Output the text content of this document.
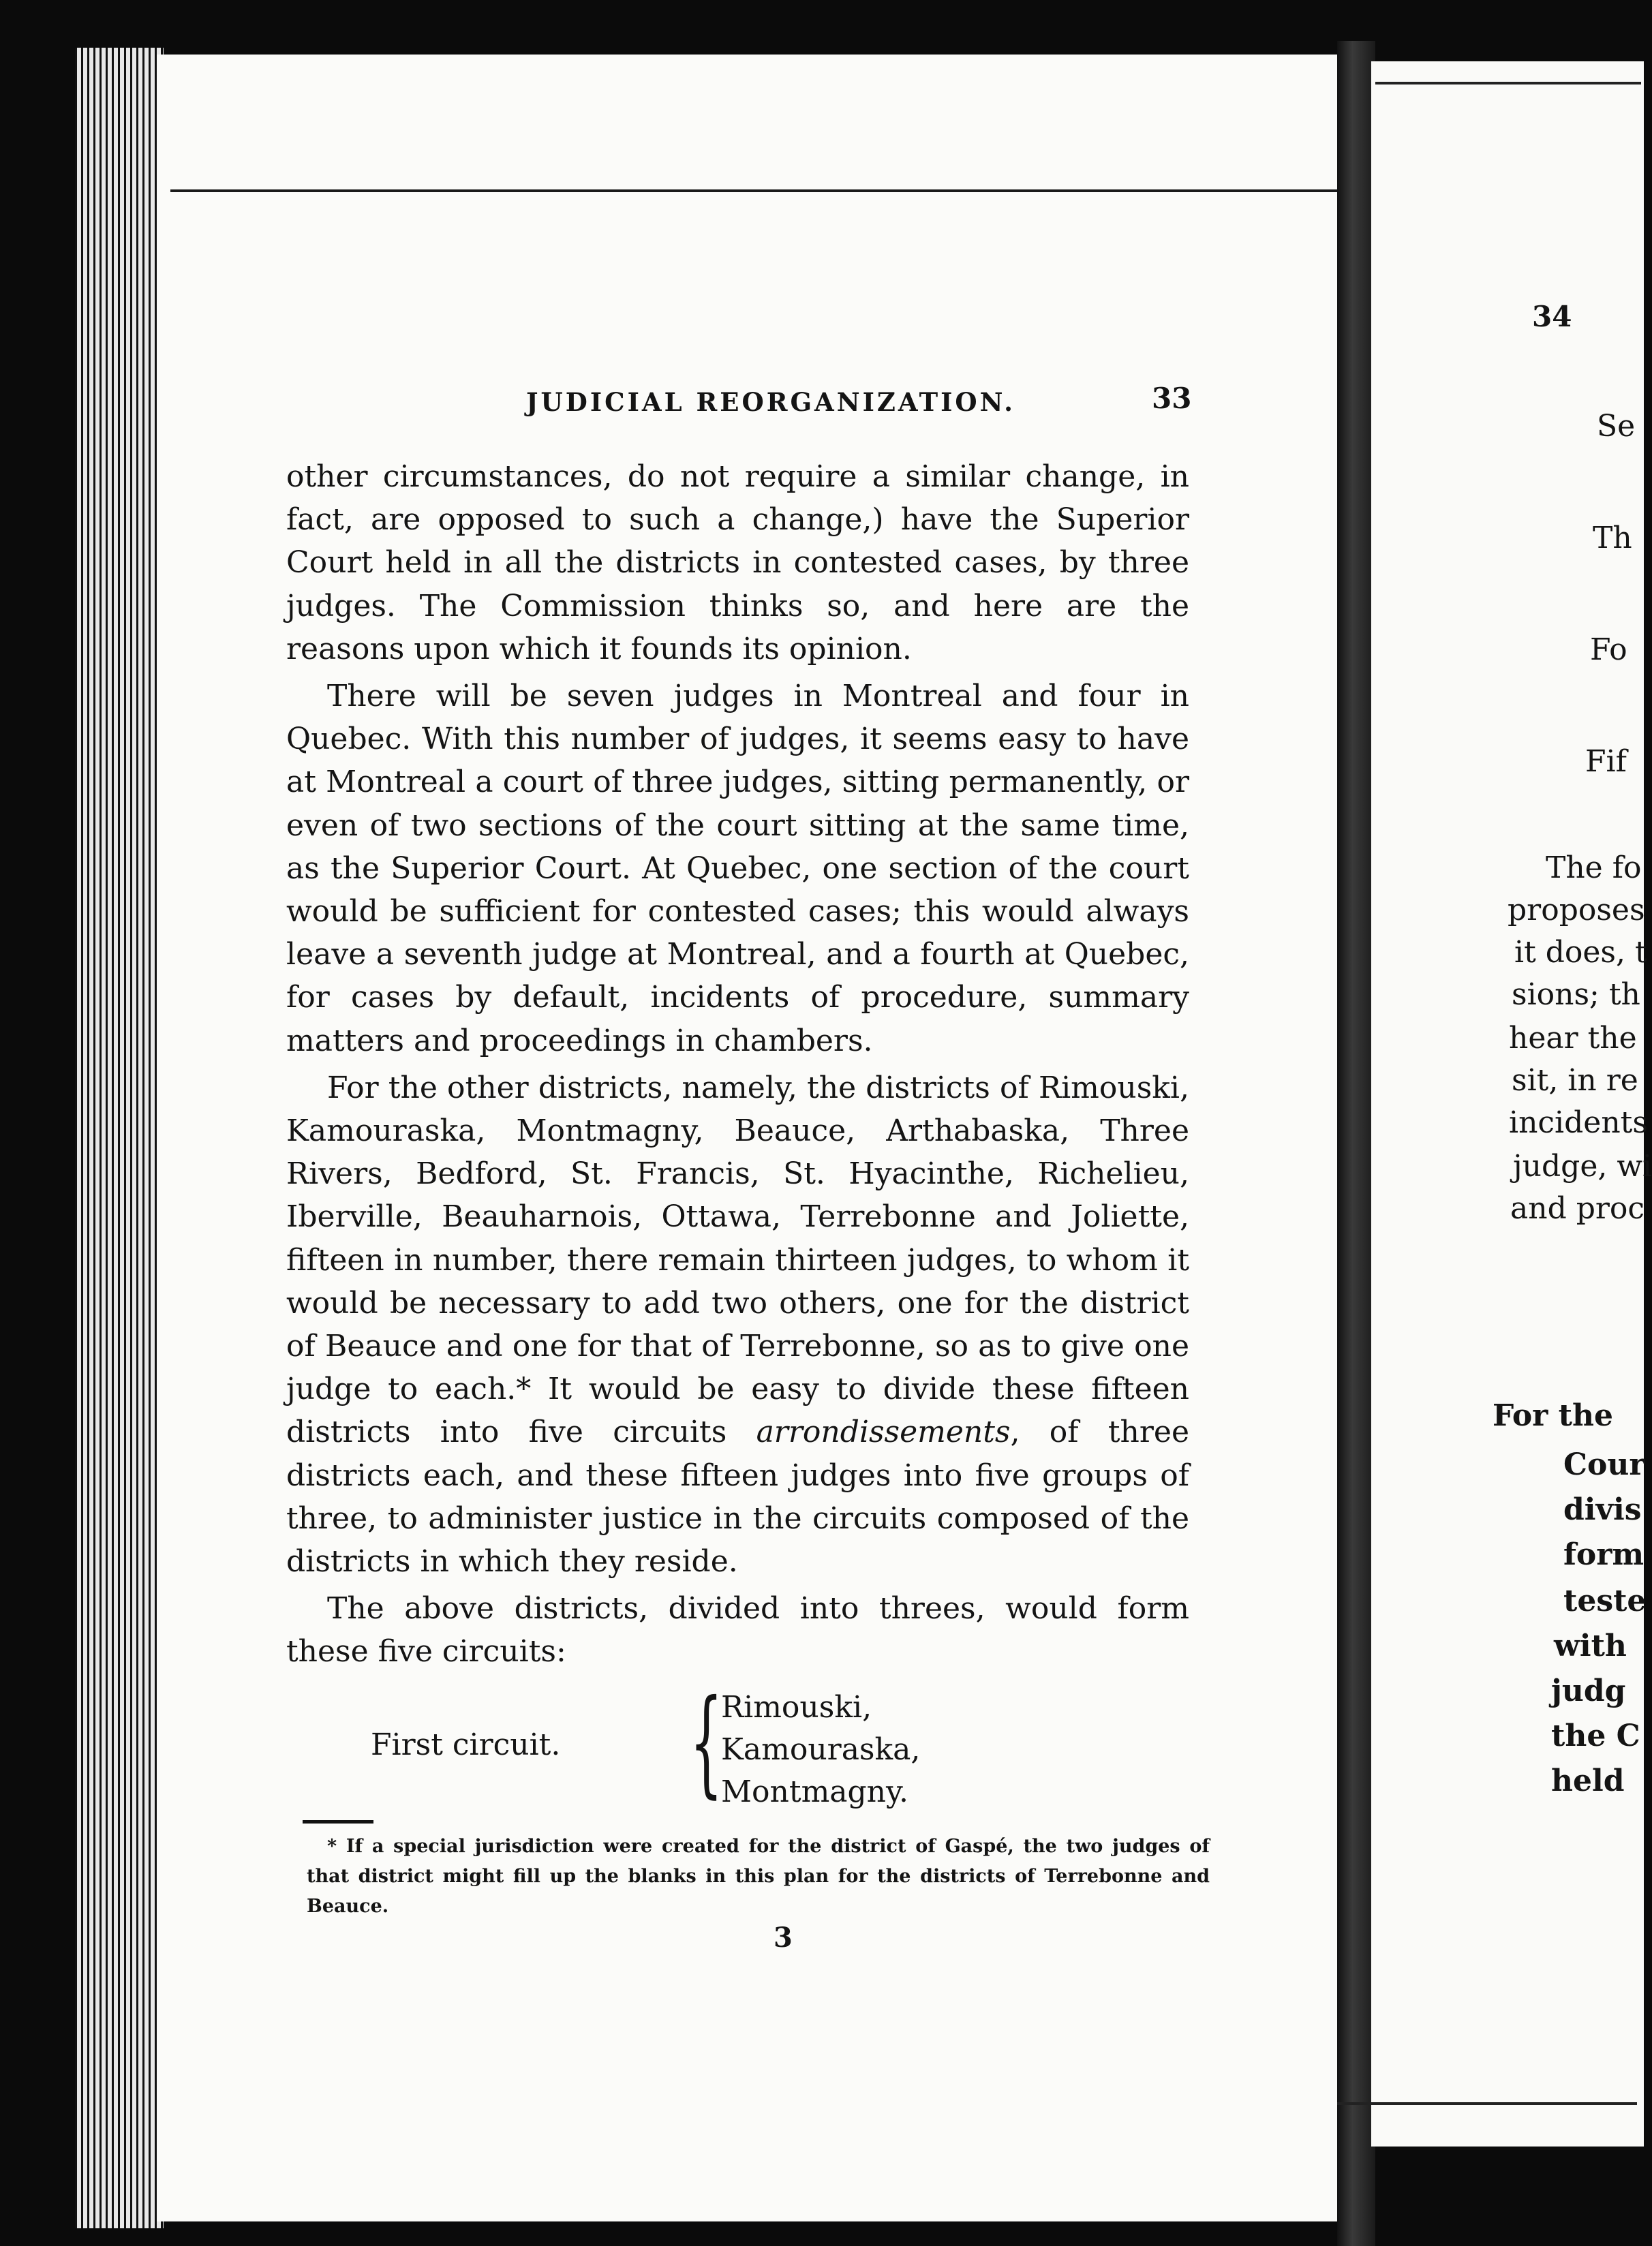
JUDICIAL REORGANIZATION.	33

other circumstances, do not require a similar change, in fact, are opposed to such a change,) have the Superior Court held in all the districts in contested cases, by three judges. The Commission thinks so, and here are the reasons upon which it founds its opinion.

There will be seven judges in Montreal and four in Quebec. With this number of judges, it seems easy to have at Montreal a court of three judges, sitting permanently, or even of two sections of the court sitting at the same time, as the Superior Court. At Quebec, one section of the court would be sufficient for contested cases; this would always leave a seventh judge at Montreal, and a fourth at Quebec, for cases by default, incidents of procedure, summary matters and proceedings in chambers.

For the other districts, namely, the districts of Rimouski, Kamouraska, Montmagny, Beauce, Arthabaska, Three Rivers, Bedford, St. Francis, St. Hyacinthe, Richelieu, Iberville, Beauharnois, Ottawa, Terrebonne and Joliette, fifteen in number, there remain thirteen judges, to whom it would be necessary to add two others, one for the district of Beauce and one for that of Terrebonne, so as to give one judge to each.* It would be easy to divide these fifteen districts into five circuits arrondissements, of three districts each, and these fifteen judges into five groups of three, to administer justice in the circuits composed of the districts in which they reside.

The above districts, divided into threes, would form these five circuits:

First circuit. {
Rimouski,
Kamouraska,
Montmagny.
* If a special jurisdiction were created for the district of Gaspé, the two judges of that district might fill up the blanks in this plan for the districts of Terrebonne and Beauce.
3
34
Se
Th
Fo
Fif
The fo
proposes
it does, t
sions; th
hear the
sit, in re
incidents
judge, wi
and proc
For the
Cour
divis
form
teste
with
judg
the C
held
